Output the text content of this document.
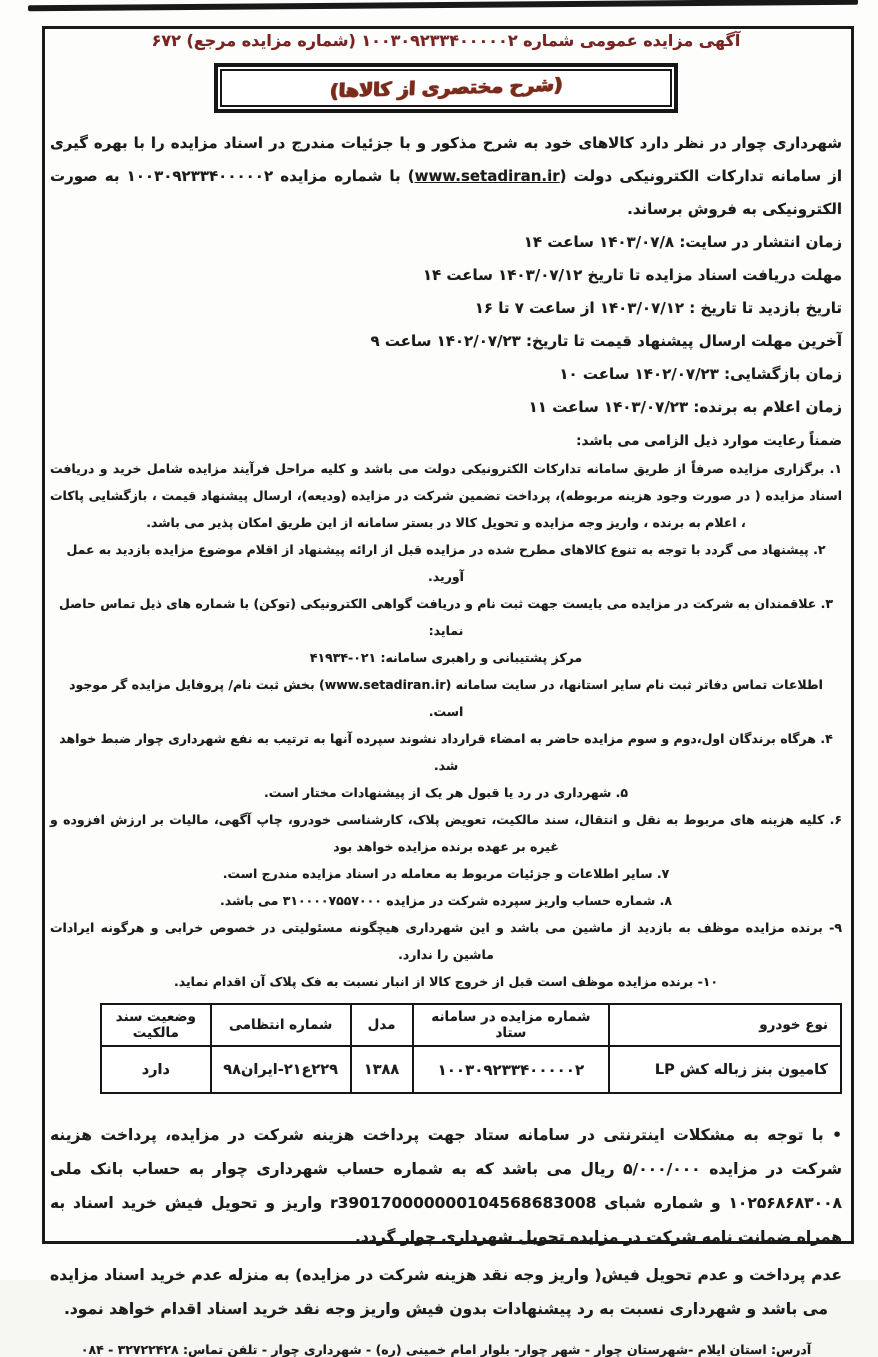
آگهی مزایده عمومی شماره ۱۰۰۳۰۹۲۳۳۴۰۰۰۰۰۲ (شماره مزایده مرجع) ۶۷۲
(شرح مختصری از کالاها)
شهرداری چوار در نظر دارد کالاهای خود به شرح مذکور و با جزئیات مندرج در اسناد مزایده را با بهره گیری از سامانه تدارکات الکترونیکی دولت (www.setadiran.ir) با شماره مزایده ۱۰۰۳۰۹۲۳۳۴۰۰۰۰۰۲ به صورت الکترونیکی به فروش برساند.
زمان انتشار در سایت: ۱۴۰۳/۰۷/۸ ساعت ۱۴
مهلت دریافت اسناد مزایده تا تاریخ ۱۴۰۳/۰۷/۱۲ ساعت ۱۴
تاریخ بازدید تا تاریخ : ۱۴۰۳/۰۷/۱۲ از ساعت ۷ تا ۱۶
آخرین مهلت ارسال پیشنهاد قیمت تا تاریخ: ۱۴۰۲/۰۷/۲۳ ساعت ۹
زمان بازگشایی: ۱۴۰۲/۰۷/۲۳ ساعت ۱۰
زمان اعلام به برنده: ۱۴۰۳/۰۷/۲۳ ساعت ۱۱
ضمناً رعایت موارد ذیل الزامی می باشد:
۱. برگزاری مزایده صرفاً از طریق سامانه تدارکات الکترونیکی دولت می باشد و کلیه مراحل فرآیند مزایده شامل خرید و دریافت اسناد مزایده ( در صورت وجود هزینه مربوطه)، پرداخت تضمین شرکت در مزایده (ودیعه)، ارسال پیشنهاد قیمت ، بازگشایی پاکات ، اعلام به برنده ، واریز وجه مزایده و تحویل کالا در بستر سامانه از این طریق امکان پذیر می باشد.
۲. پیشنهاد می گردد با توجه به تنوع کالاهای مطرح شده در مزایده قبل از ارائه پیشنهاد از اقلام موضوع مزایده بازدید به عمل آورید.
۳. علاقمندان به شرکت در مزایده می بایست جهت ثبت نام و دریافت گواهی الکترونیکی (توکن) با شماره های ذیل تماس حاصل نماید:
مرکز پشتیبانی و راهبری سامانه: ۰۲۱-۴۱۹۳۴
اطلاعات تماس دفاتر ثبت نام سایر استانها، در سایت سامانه (www.setadiran.ir) بخش ثبت نام/ پروفایل مزایده گر موجود است.
۴. هرگاه برندگان اول،دوم و سوم مزایده حاضر به امضاء قرارداد نشوند سپرده آنها به ترتیب به نفع شهرداری چوار ضبط خواهد شد.
۵. شهرداری در رد یا قبول هر یک از پیشنهادات مختار است.
۶. کلیه هزینه های مربوط به نقل و انتقال، سند مالکیت، تعویض پلاک، کارشناسی خودرو، چاپ آگهی، مالیات بر ارزش افزوده و غیره بر عهده برنده مزایده خواهد بود
۷. سایر اطلاعات و جزئیات مربوط به معامله در اسناد مزایده مندرج است.
۸. شماره حساب واریز سپرده شرکت در مزایده ۳۱۰۰۰۰۷۵۵۷۰۰۰ می باشد.
۹- برنده مزایده موظف به بازدید از ماشین می باشد و این شهرداری هیچگونه مسئولیتی در خصوص خرابی و هرگونه ایرادات ماشین را ندارد.
۱۰- برنده مزایده موظف است قبل از خروج کالا از انبار نسبت به فک پلاک آن اقدام نماید.
نوع خودرو	شماره مزایده در سامانه ستاد	مدل	شماره انتظامی	وضعیت سند مالکیت
کامیون بنز زباله کش LP	۱۰۰۳۰۹۲۳۳۴۰۰۰۰۰۲	۱۳۸۸	۲۲۹ع۲۱-ایران۹۸	دارد
• با توجه به مشکلات اینترنتی در سامانه ستاد جهت پرداخت هزینه شرکت در مزایده، پرداخت هزینه شرکت در مزایده ۵/۰۰۰/۰۰۰ ریال می باشد که به شماره حساب شهرداری چوار به حساب بانک ملی ۱۰۲۵۶۸۶۸۳۰۰۸ و شماره شبای r390170000000104568683008 واریز و تحویل فیش خرید اسناد به همراه ضمانت نامه شرکت در مزایده تحویل شهرداری چوار گردد.
عدم پرداخت و عدم تحویل فیش( واریز وجه نقد هزینه شرکت در مزایده) به منزله عدم خرید اسناد مزایده می باشد و شهرداری نسبت به رد پیشنهادات بدون فیش واریز وجه نقد خرید اسناد اقدام خواهد نمود.
آدرس: استان ایلام -شهرستان چوار - شهر چوار- بلوار امام خمینی (ره) - شهرداری چوار - تلفن تماس: ۳۲۷۲۲۴۲۸ - ۰۸۴
